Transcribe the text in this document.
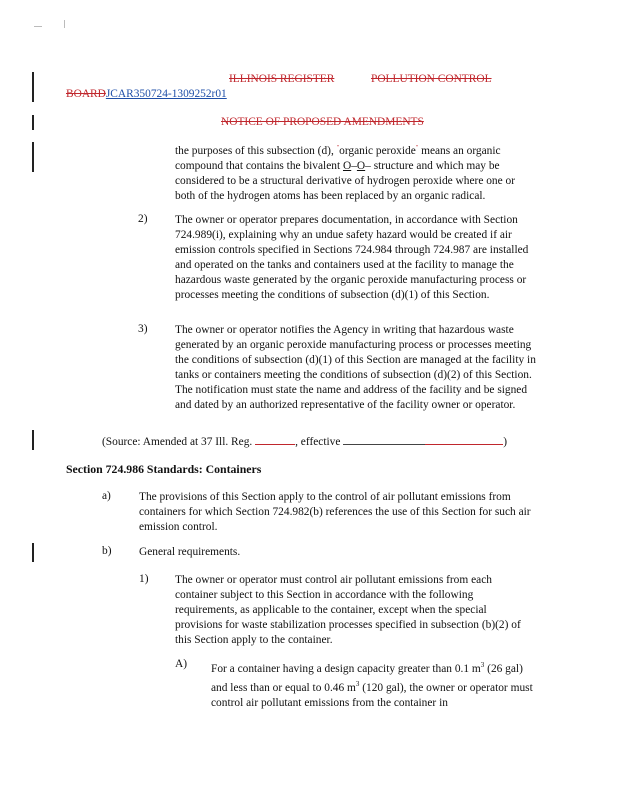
ILLINOIS REGISTER	POLLUTION CONTROL
BOARDJCAR350724-1309252r01
NOTICE OF PROPOSED AMENDMENTS

the purposes of this subsection (d), "organic peroxide" means an organic compound that contains the bivalent O–O– structure and which may be considered to be a structural derivative of hydrogen peroxide where one or both of the hydrogen atoms has been replaced by an organic radical.

2) The owner or operator prepares documentation, in accordance with Section 724.989(i), explaining why an undue safety hazard would be created if air emission controls specified in Sections 724.984 through 724.987 are installed and operated on the tanks and containers used at the facility to manage the hazardous waste generated by the organic peroxide manufacturing process or processes meeting the conditions of subsection (d)(1) of this Section.

3) The owner or operator notifies the Agency in writing that hazardous waste generated by an organic peroxide manufacturing process or processes meeting the conditions of subsection (d)(1) of this Section are managed at the facility in tanks or containers meeting the conditions of subsection (d)(2) of this Section. The notification must state the name and address of the facility and be signed and dated by an authorized representative of the facility owner or operator.

(Source: Amended at 37 Ill. Reg.	, effective	)
Section 724.986 Standards: Containers
a) The provisions of this Section apply to the control of air pollutant emissions from containers for which Section 724.982(b) references the use of this Section for such air emission control.

b) General requirements.

1) The owner or operator must control air pollutant emissions from each container subject to this Section in accordance with the following requirements, as applicable to the container, except when the special provisions for waste stabilization processes specified in subsection (b)(2) of this Section apply to the container.

A) For a container having a design capacity greater than 0.1 $m^3$ (26 gal) and less than or equal to 0.46 $m^3$ (120 gal), the owner or operator must control air pollutant emissions from the container in
